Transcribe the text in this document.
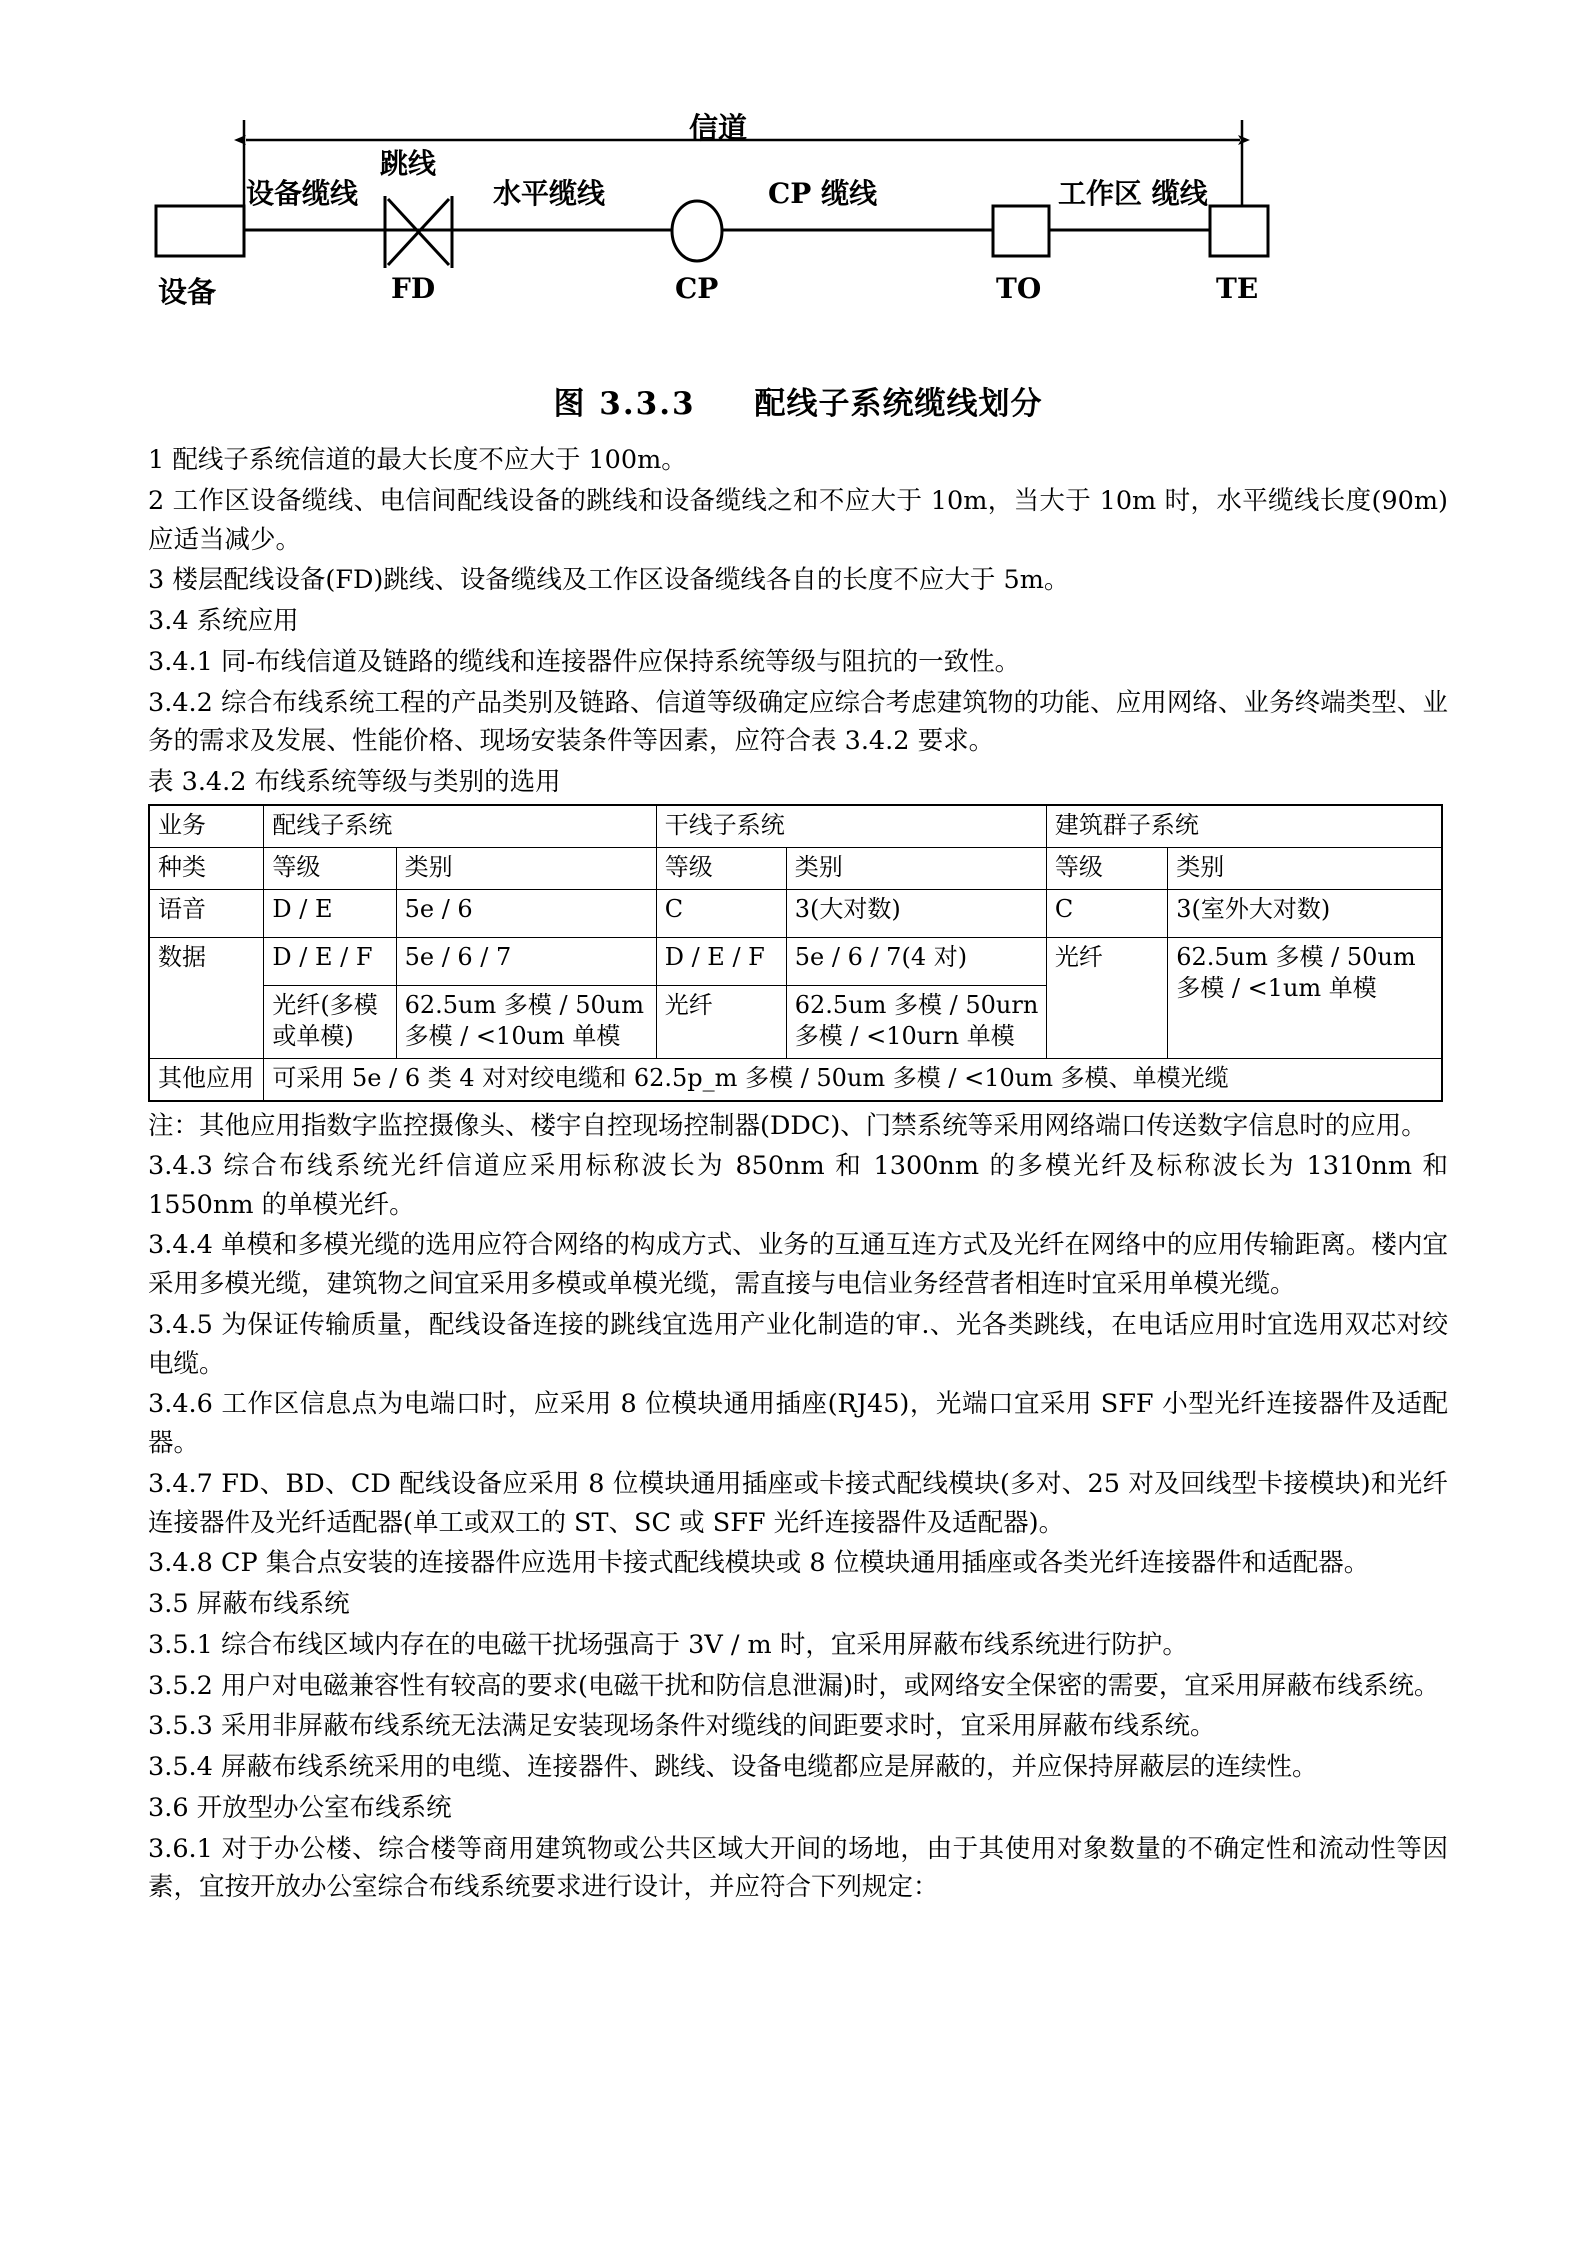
信道
设备缆线
跳线
水平缆线	CP 缆线	工作区 缆线
设备	FD	CP	TO	TE
图 3.3.3 配线子系统缆线划分

1 配线子系统信道的最大长度不应大于 100m。

2 工作区设备缆线、电信间配线设备的跳线和设备缆线之和不应大于 10m，当大于 10m 时，水平缆线长度(90m)应适当减少。

3 楼层配线设备(FD)跳线、设备缆线及工作区设备缆线各自的长度不应大于 5m。

3.4 系统应用

3.4.1 同-布线信道及链路的缆线和连接器件应保持系统等级与阻抗的一致性。

3.4.2 综合布线系统工程的产品类别及链路、信道等级确定应综合考虑建筑物的功能、应用网络、业务终端类型、业务的需求及发展、性能价格、现场安装条件等因素，应符合表 3.4.2 要求。

表 3.4.2 布线系统等级与类别的选用
业务	配线子系统		干线子系统		建筑群子系统	
种类	等级	类别	等级	类别	等级	类别
语音	D / E	5e / 6	C	3(大对数)	C	3(室外大对数)
数据	D / E / F	5e / 6 / 7	D / E / F	5e / 6 / 7(4 对)	光纤	62.5um 多模 / 50um 多模 / <1um 单模
	光纤(多模或单模)	62.5um 多模 / 50um 多模 / <10um 单模	光纤	62.5um 多模 / 50urn 多模 / <10urn 单模		
其他应用	可采用 5e / 6 类 4 对对绞电缆和 62.5p_m 多模 / 50um 多模 / <10um 多模、单模光缆					

注：其他应用指数字监控摄像头、楼宇自控现场控制器(DDC)、门禁系统等采用网络端口传送数字信息时的应用。

3.4.3 综合布线系统光纤信道应采用标称波长为 850nm 和 1300nm 的多模光纤及标称波长为 1310nm 和 1550nm 的单模光纤。

3.4.4 单模和多模光缆的选用应符合网络的构成方式、业务的互通互连方式及光纤在网络中的应用传输距离。楼内宜采用多模光缆，建筑物之间宜采用多模或单模光缆，需直接与电信业务经营者相连时宜采用单模光缆。

3.4.5 为保证传输质量，配线设备连接的跳线宜选用产业化制造的审.、光各类跳线，在电话应用时宜选用双芯对绞电缆。

3.4.6 工作区信息点为电端口时，应采用 8 位模块通用插座(RJ45)，光端口宜采用 SFF 小型光纤连接器件及适配器。

3.4.7 FD、BD、CD 配线设备应采用 8 位模块通用插座或卡接式配线模块(多对、25 对及回线型卡接模块)和光纤连接器件及光纤适配器(单工或双工的 ST、SC 或 SFF 光纤连接器件及适配器)。

3.4.8 CP 集合点安装的连接器件应选用卡接式配线模块或 8 位模块通用插座或各类光纤连接器件和适配器。

3.5 屏蔽布线系统

3.5.1 综合布线区域内存在的电磁干扰场强高于 3V / m 时，宜采用屏蔽布线系统进行防护。

3.5.2 用户对电磁兼容性有较高的要求(电磁干扰和防信息泄漏)时，或网络安全保密的需要，宜采用屏蔽布线系统。

3.5.3 采用非屏蔽布线系统无法满足安装现场条件对缆线的间距要求时，宜采用屏蔽布线系统。

3.5.4 屏蔽布线系统采用的电缆、连接器件、跳线、设备电缆都应是屏蔽的，并应保持屏蔽层的连续性。

3.6 开放型办公室布线系统

3.6.1 对于办公楼、综合楼等商用建筑物或公共区域大开间的场地，由于其使用对象数量的不确定性和流动性等因素，宜按开放办公室综合布线系统要求进行设计，并应符合下列规定：
